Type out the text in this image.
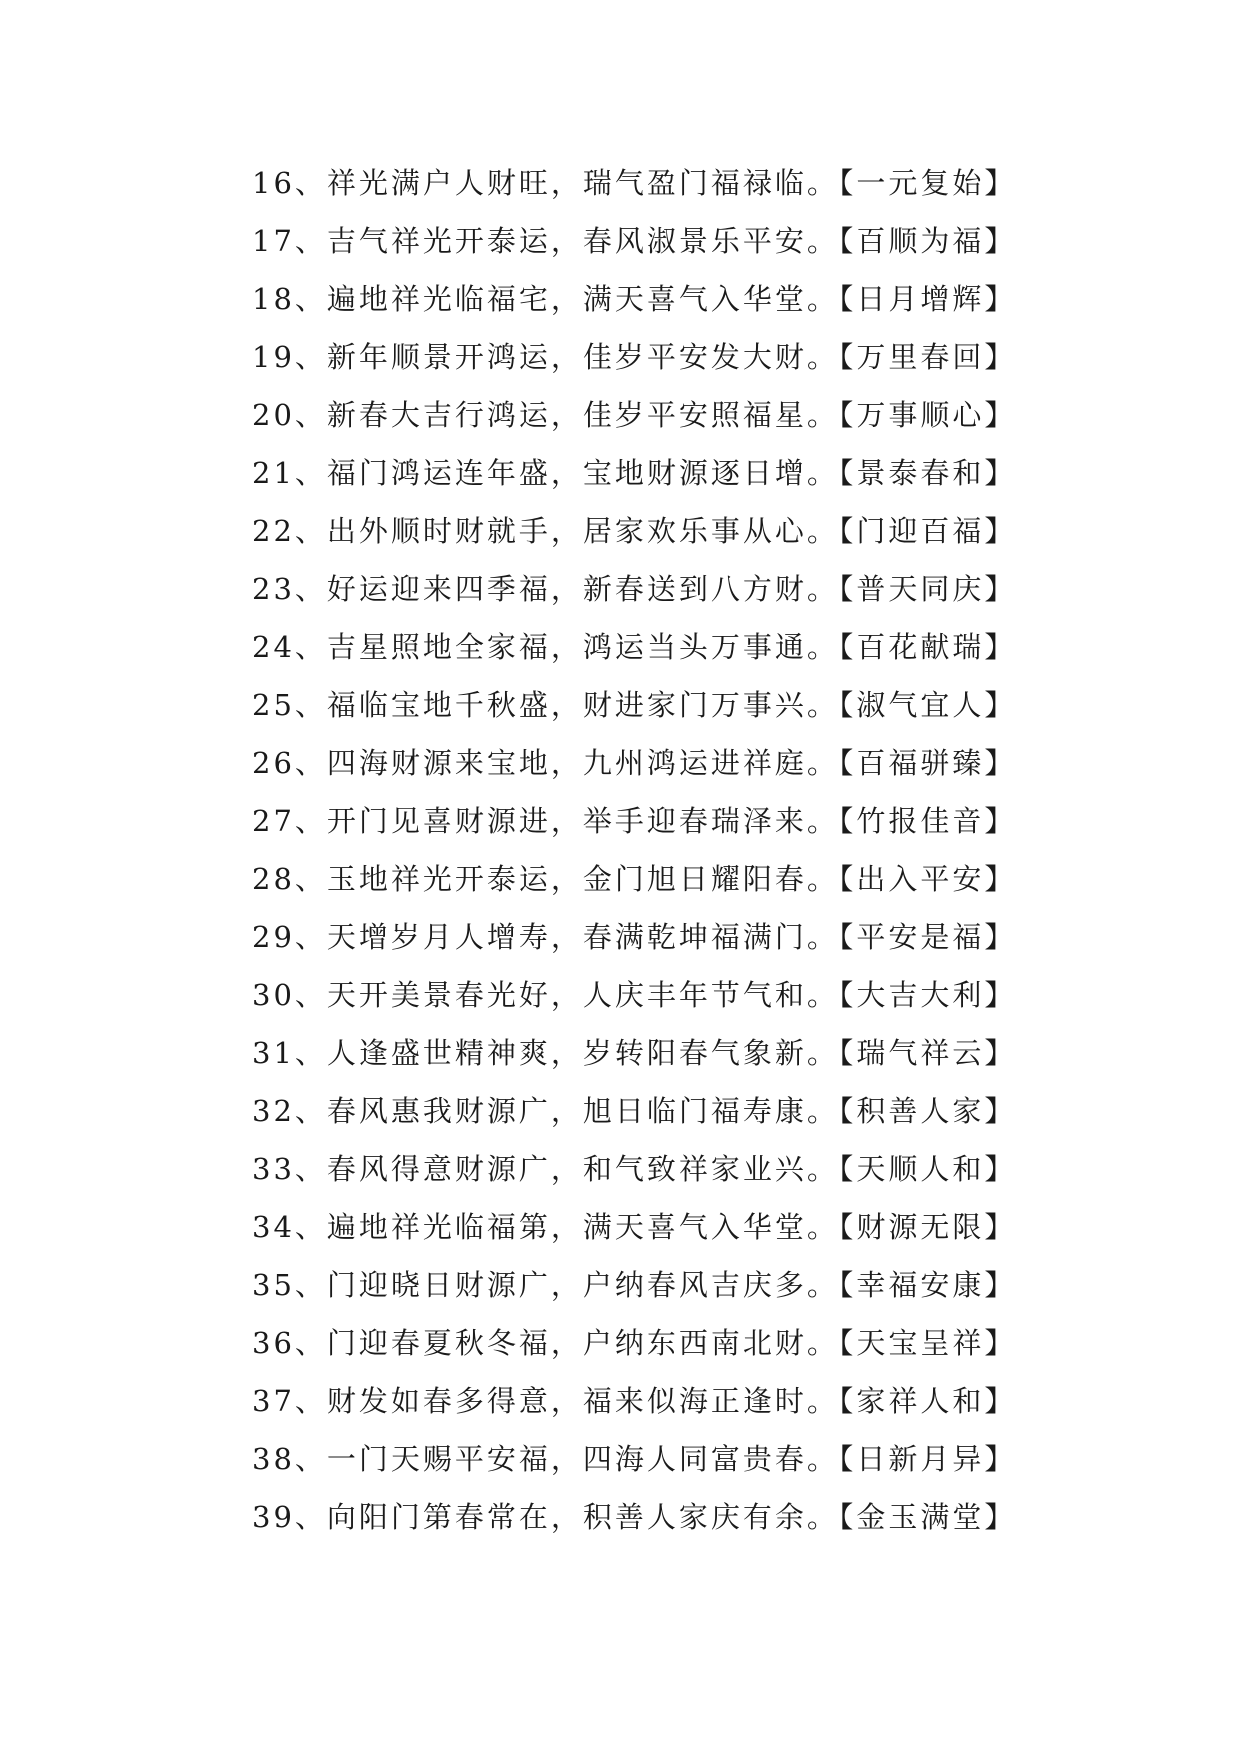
16、祥光满户人财旺，瑞气盈门福禄临。【一元复始】
17、吉气祥光开泰运，春风淑景乐平安。【百顺为福】
18、遍地祥光临福宅，满天喜气入华堂。【日月增辉】
19、新年顺景开鸿运，佳岁平安发大财。【万里春回】
20、新春大吉行鸿运，佳岁平安照福星。【万事顺心】
21、福门鸿运连年盛，宝地财源逐日增。【景泰春和】
22、出外顺时财就手，居家欢乐事从心。【门迎百福】
23、好运迎来四季福，新春送到八方财。【普天同庆】
24、吉星照地全家福，鸿运当头万事通。【百花献瑞】
25、福临宝地千秋盛，财进家门万事兴。【淑气宜人】
26、四海财源来宝地，九州鸿运进祥庭。【百福骈臻】
27、开门见喜财源进，举手迎春瑞泽来。【竹报佳音】
28、玉地祥光开泰运，金门旭日耀阳春。【出入平安】
29、天增岁月人增寿，春满乾坤福满门。【平安是福】
30、天开美景春光好，人庆丰年节气和。【大吉大利】
31、人逢盛世精神爽，岁转阳春气象新。【瑞气祥云】
32、春风惠我财源广，旭日临门福寿康。【积善人家】
33、春风得意财源广，和气致祥家业兴。【天顺人和】
34、遍地祥光临福第，满天喜气入华堂。【财源无限】
35、门迎晓日财源广，户纳春风吉庆多。【幸福安康】
36、门迎春夏秋冬福，户纳东西南北财。【天宝呈祥】
37、财发如春多得意，福来似海正逢时。【家祥人和】
38、一门天赐平安福，四海人同富贵春。【日新月异】
39、向阳门第春常在，积善人家庆有余。【金玉满堂】
